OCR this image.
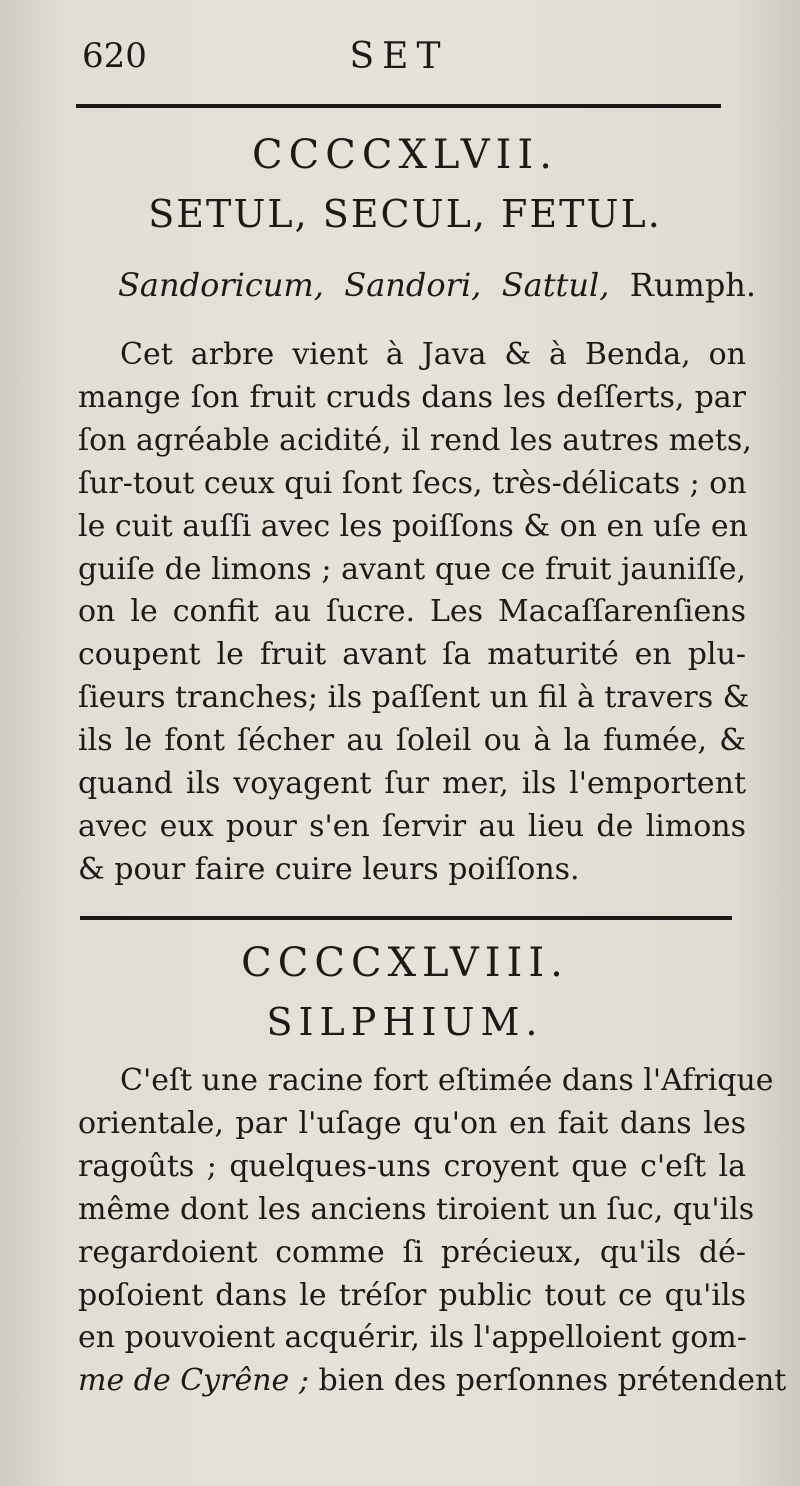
620	SET
CCCCXLVII.
SETUL, SECUL, FETUL.
Sandoricum, Sandori, Sattul, Rumph.
Cet arbre vient à Java & à Benda, on
mange ſon fruit cruds dans les deſſerts, par
ſon agréable acidité, il rend les autres mets,
ſur-tout ceux qui ſont ſecs, très-délicats ; on
le cuit auſſi avec les poiſſons & on en uſe en
guiſe de limons ; avant que ce fruit jauniſſe,
on le confit au ſucre. Les Macaſſarenſiens
coupent le fruit avant ſa maturité en plu-
ſieurs tranches; ils paſſent un fil à travers &
ils le font ſécher au ſoleil ou à la fumée, &
quand ils voyagent ſur mer, ils l'emportent
avec eux pour s'en ſervir au lieu de limons
& pour faire cuire leurs poiſſons.
CCCCXLVIII.
SILPHIUM.
C'eſt une racine fort eſtimée dans l'Afrique
orientale, par l'uſage qu'on en fait dans les
ragoûts ; quelques-uns croyent que c'eſt la
même dont les anciens tiroient un ſuc, qu'ils
regardoient comme ſi précieux, qu'ils dé-
poſoient dans le tréſor public tout ce qu'ils
en pouvoient acquérir, ils l'appelloient gom-
me de Cyrêne ; bien des perſonnes prétendent
